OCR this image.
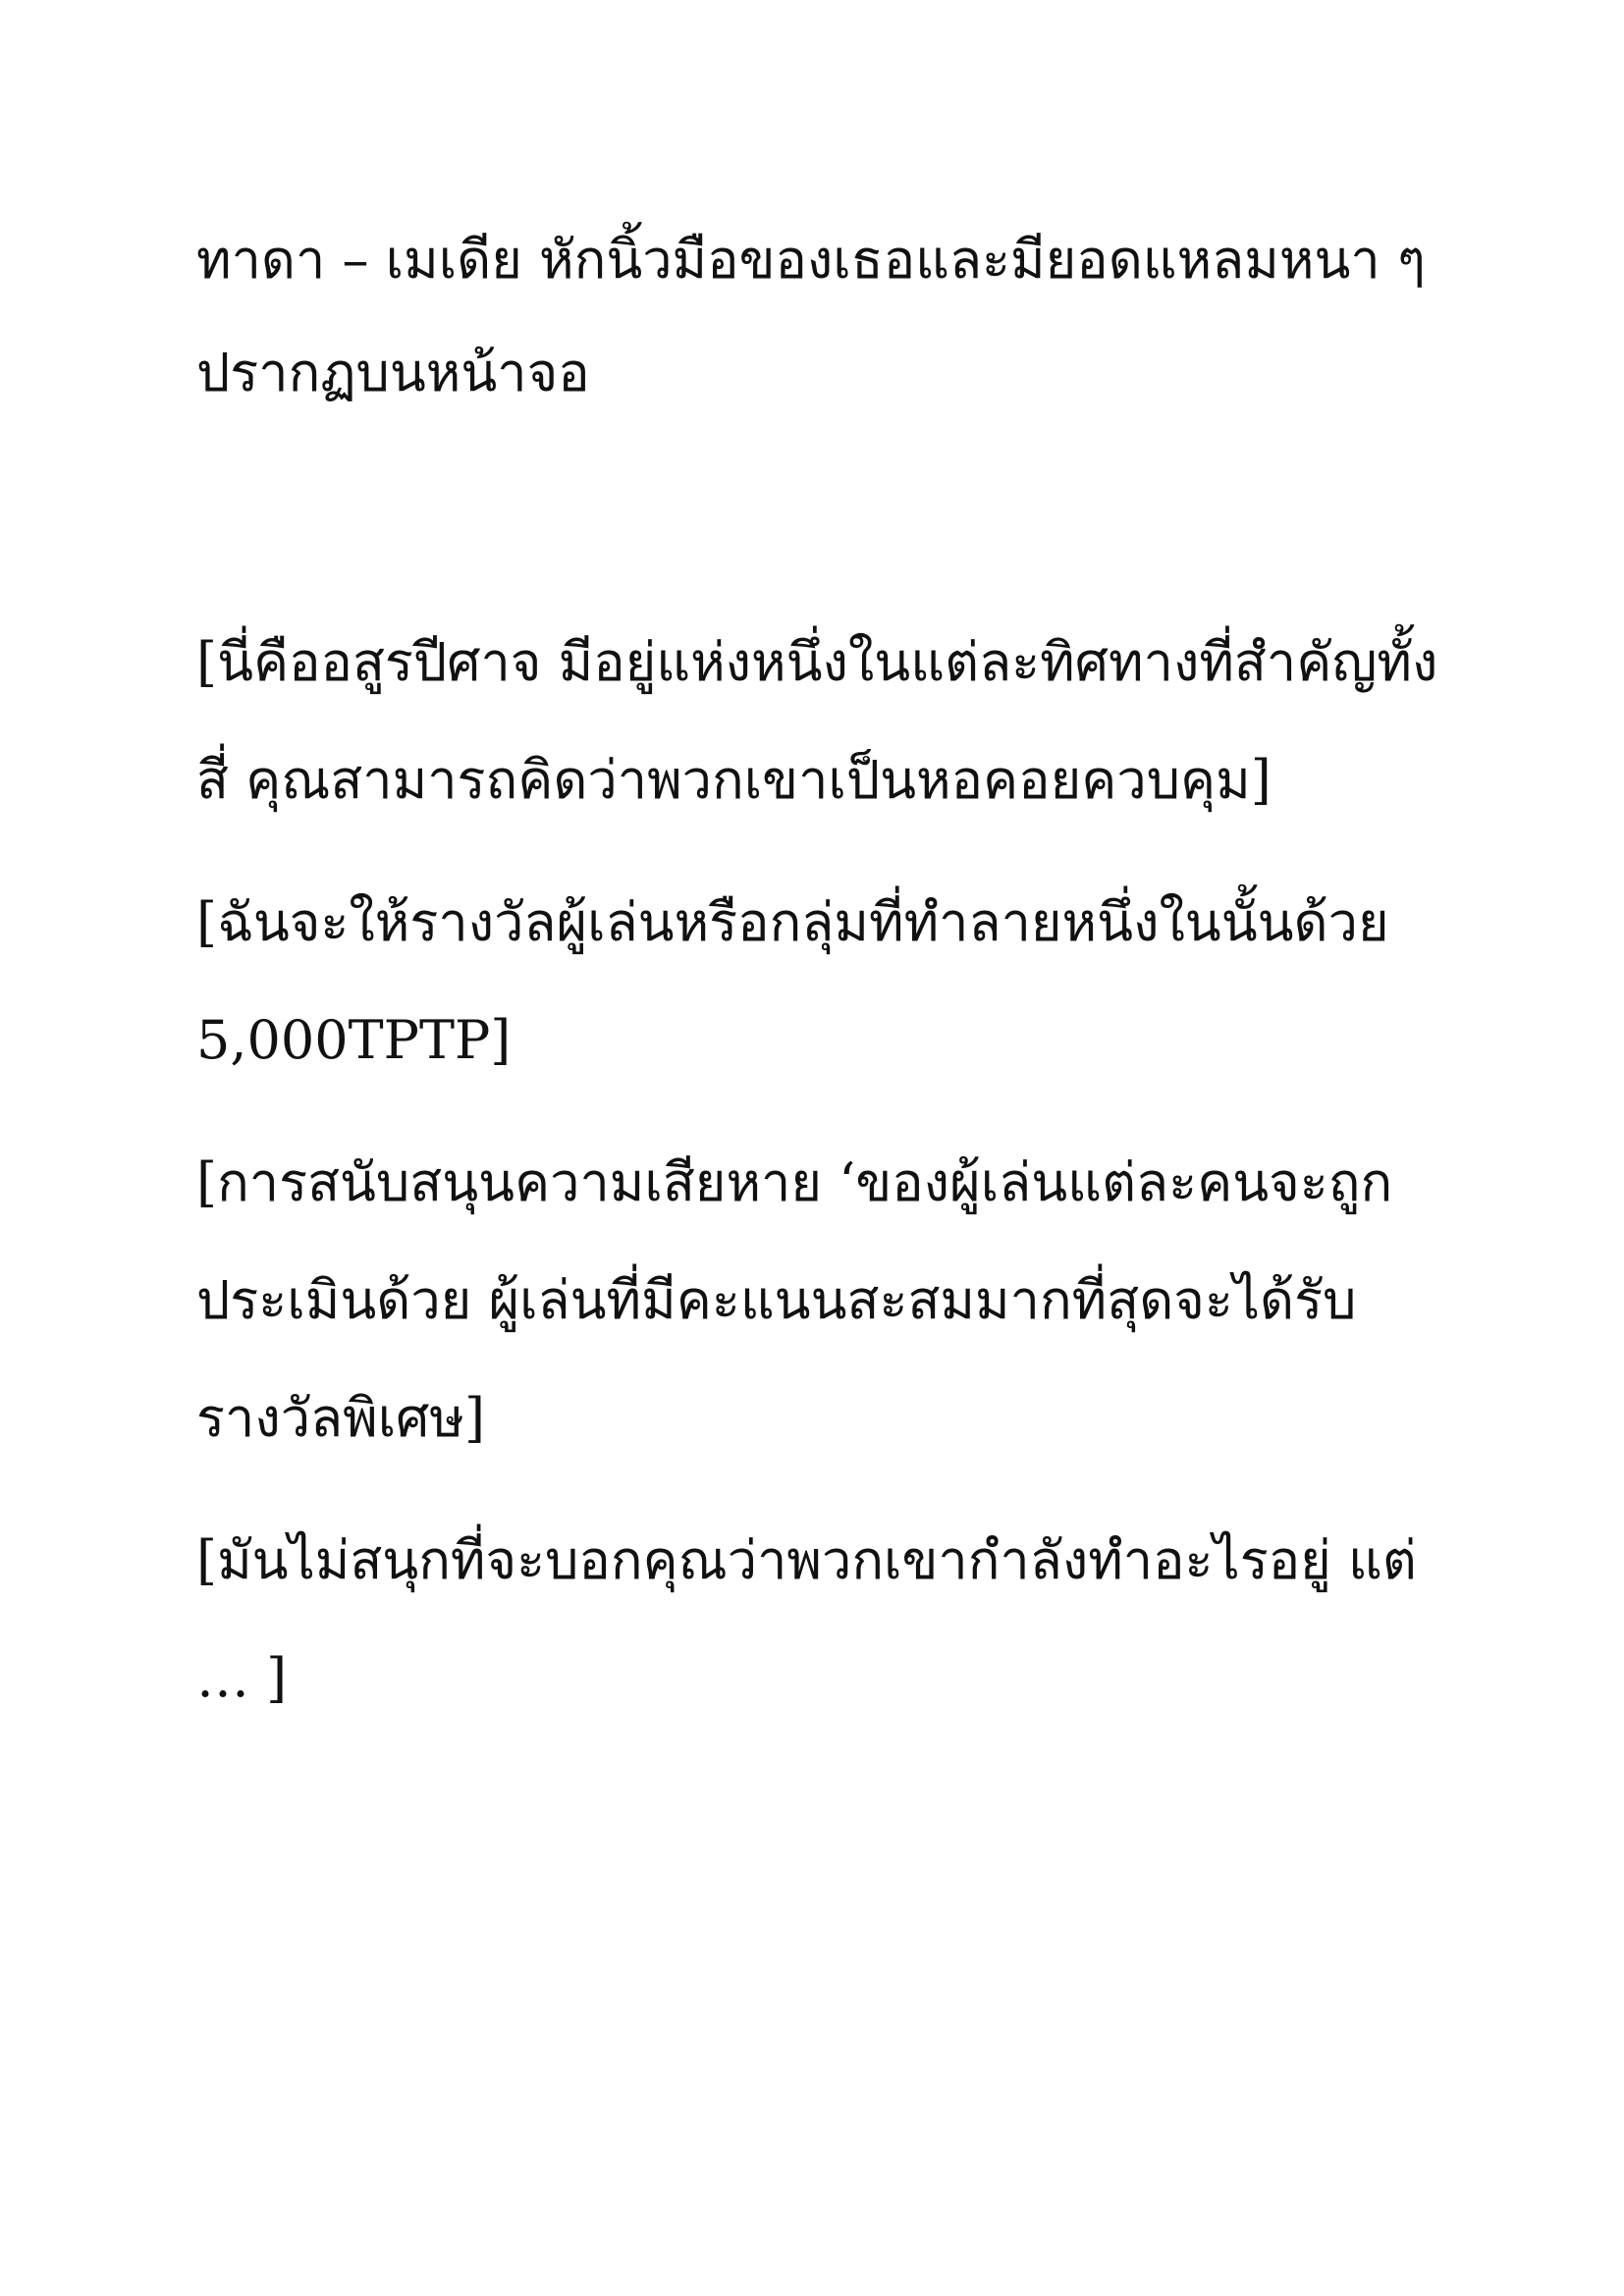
ทาดา – เมเดีย หักนิ้วมือของเธอและมียอดแหลมหนา ๆ
ปรากฏบนหน้าจอ
[นี่คืออสูรปีศาจ มีอยู่แห่งหนึ่งในแต่ละทิศทางที่สำคัญทั้ง
สี่ คุณสามารถคิดว่าพวกเขาเป็นหอคอยควบคุม]
[ฉันจะให้รางวัลผู้เล่นหรือกลุ่มที่ทำลายหนึ่งในนั้นด้วย
5,000TPTP]
[การสนับสนุนความเสียหาย ‘ของผู้เล่นแต่ละคนจะถูก
ประเมินด้วย ผู้เล่นที่มีคะแนนสะสมมากที่สุดจะได้รับ
รางวัลพิเศษ]
[มันไม่สนุกที่จะบอกคุณว่าพวกเขากำลังทำอะไรอยู่ แต่
… ]
